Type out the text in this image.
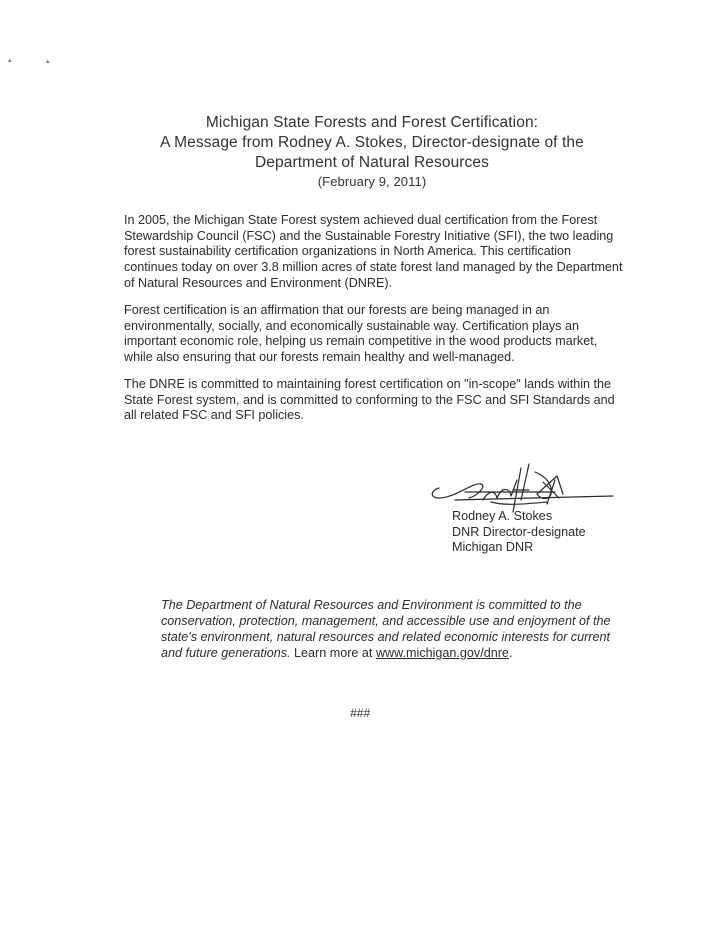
▴	▴
Michigan State Forests and Forest Certification:
A Message from Rodney A. Stokes, Director-designate of the
Department of Natural Resources
(February 9, 2011)

In 2005, the Michigan State Forest system achieved dual certification from the Forest Stewardship Council (FSC) and the Sustainable Forestry Initiative (SFI), the two leading forest sustainability certification organizations in North America. This certification continues today on over 3.8 million acres of state forest land managed by the Department of Natural Resources and Environment (DNRE).

Forest certification is an affirmation that our forests are being managed in an environmentally, socially, and economically sustainable way. Certification plays an important economic role, helping us remain competitive in the wood products market, while also ensuring that our forests remain healthy and well-managed.

The DNRE is committed to maintaining forest certification on "in-scope" lands within the State Forest system, and is committed to conforming to the FSC and SFI Standards and all related FSC and SFI policies.

Rodney A. Stokes
DNR Director-designate
Michigan DNR
The Department of Natural Resources and Environment is committed to the conservation, protection, management, and accessible use and enjoyment of the state's environment, natural resources and related economic interests for current and future generations. Learn more at www.michigan.gov/dnre.
###
